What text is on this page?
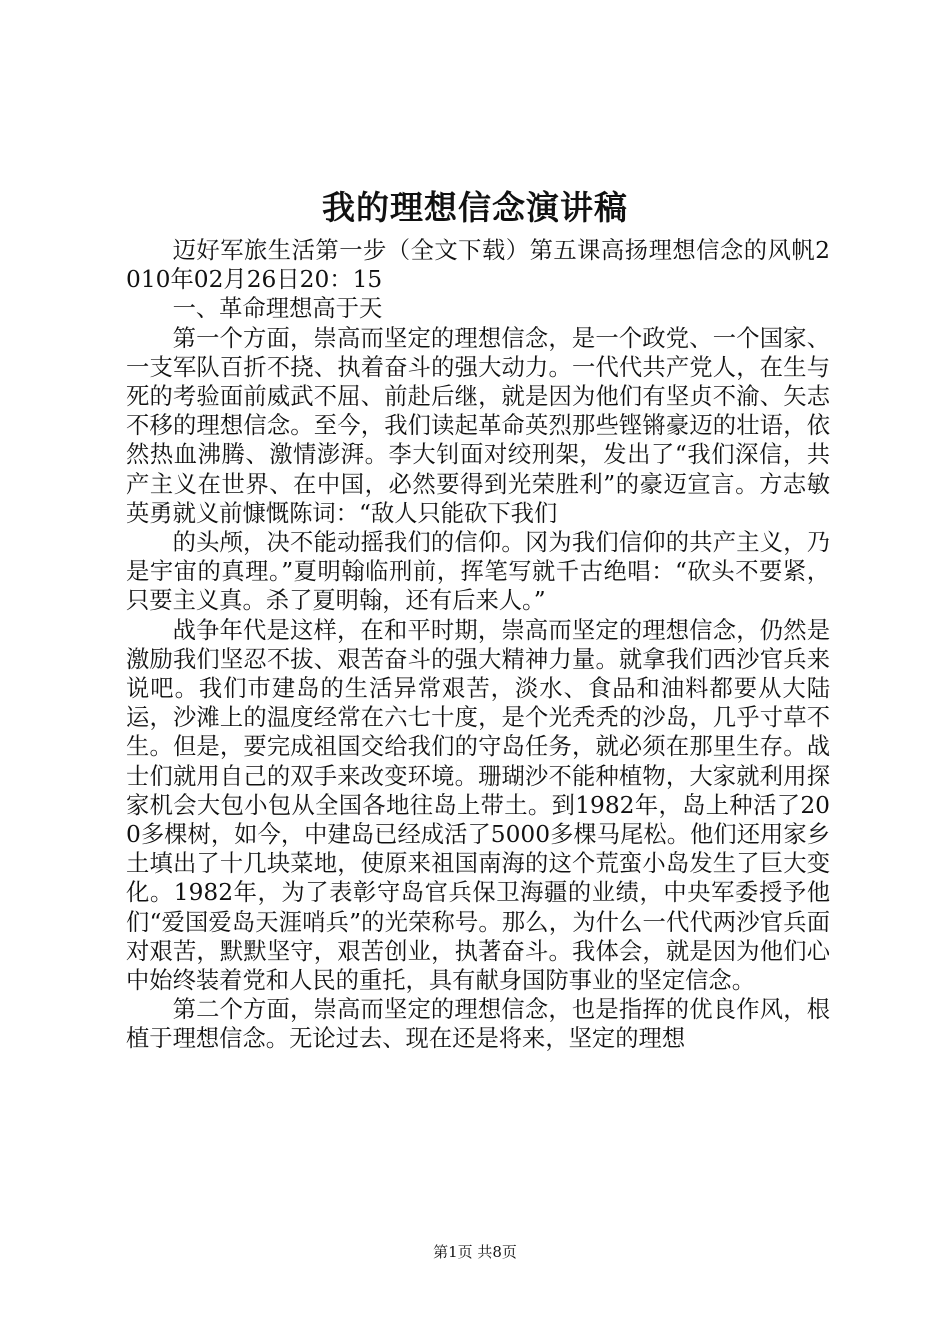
我的理想信念演讲稿

迈好军旅生活第一步（全文下载）第五课高扬理想信念的风帆2010年02月26日20：15

一、革命理想高于天

第一个方面，崇高而坚定的理想信念，是一个政党、一个国家、一支军队百折不挠、执着奋斗的强大动力。一代代共产党人，在生与死的考验面前威武不屈、前赴后继，就是因为他们有坚贞不渝、矢志不移的理想信念。至今，我们读起革命英烈那些铿锵豪迈的壮语，依然热血沸腾、激情澎湃。李大钊面对绞刑架，发出了“我们深信，共产主义在世界、在中国，必然要得到光荣胜利”的豪迈宣言。方志敏英勇就义前慷慨陈词：“敌人只能砍下我们

的头颅，决不能动摇我们的信仰。冈为我们信仰的共产主义，乃是宇宙的真理。”夏明翰临刑前，挥笔写就千古绝唱：“砍头不要紧，只要主义真。杀了夏明翰，还有后来人。”

战争年代是这样，在和平时期，崇高而坚定的理想信念，仍然是激励我们坚忍不拔、艰苦奋斗的强大精神力量。就拿我们西沙官兵来说吧。我们巿建岛的生活异常艰苦，淡水、食品和油料都要从大陆运，沙滩上的温度经常在六七十度，是个光秃秃的沙岛，几乎寸草不生。但是，要完成祖国交给我们的守岛任务，就必须在那里生存。战士们就用自己的双手来改变环境。珊瑚沙不能种植物，大家就利用探家机会大包小包从全国各地往岛上带土。到1982年，岛上种活了200多棵树，如今，中建岛已经成活了5000多棵马尾松。他们还用家乡土填出了十几块菜地，使原来祖国南海的这个荒蛮小岛发生了巨大变化。1982年，为了表彰守岛官兵保卫海疆的业绩，中央军委授予他们“爱国爱岛天涯哨兵”的光荣称号。那么，为什么一代代两沙官兵面对艰苦，默默坚守，艰苦创业，执著奋斗。我体会，就是因为他们心中始终装着党和人民的重托，具有献身国防事业的坚定信念。

第二个方面，崇高而坚定的理想信念，也是指挥的优良作风，根植于理想信念。无论过去、现在还是将来，坚定的理想

第1页 共8页
